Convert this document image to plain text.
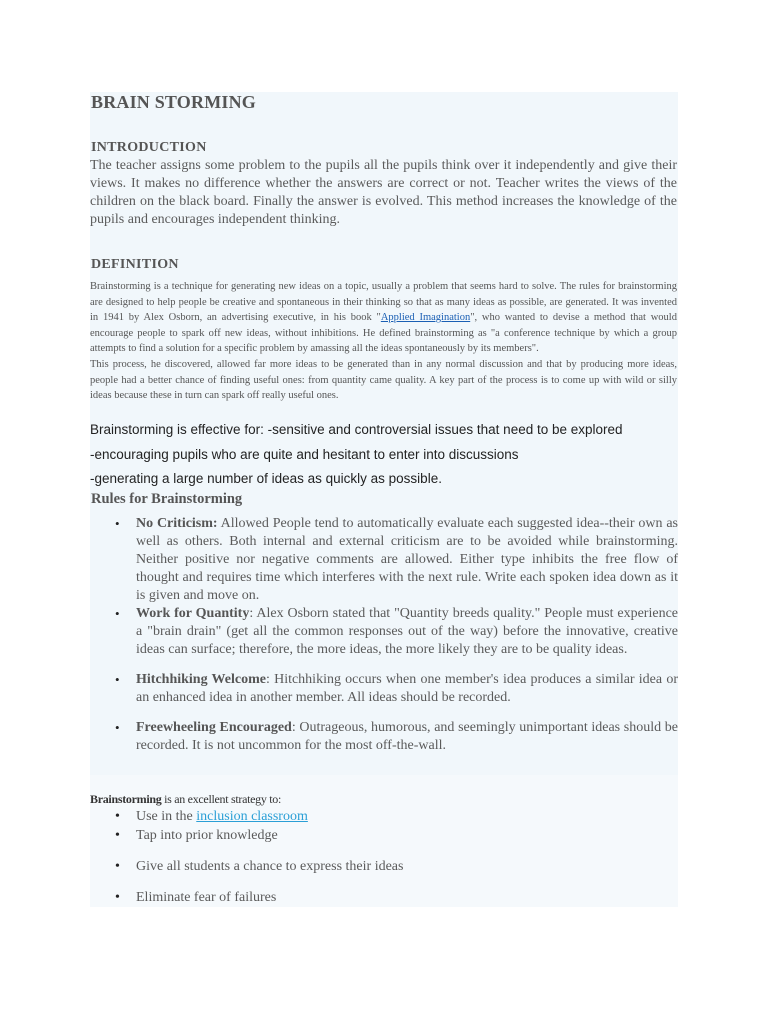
BRAIN STORMING
INTRODUCTION
The teacher assigns some problem to the pupils all the pupils think over it independently and give their views. It makes no difference whether the answers are correct or not. Teacher writes the views of the children on the black board. Finally the answer is evolved. This method increases the knowledge of the pupils and encourages independent thinking.
DEFINITION

Brainstorming is a technique for generating new ideas on a topic, usually a problem that seems hard to solve. The rules for brainstorming are designed to help people be creative and spontaneous in their thinking so that as many ideas as possible, are generated. It was invented in 1941 by Alex Osborn, an advertising executive, in his book "Applied Imagination", who wanted to devise a method that would encourage people to spark off new ideas, without inhibitions. He defined brainstorming as "a conference technique by which a group attempts to find a solution for a specific problem by amassing all the ideas spontaneously by its members".

This process, he discovered, allowed far more ideas to be generated than in any normal discussion and that by producing more ideas, people had a better chance of finding useful ones: from quantity came quality. A key part of the process is to come up with wild or silly ideas because these in turn can spark off really useful ones.

Brainstorming is effective for: -sensitive and controversial issues that need to be explored
-encouraging pupils who are quite and hesitant to enter into discussions
-generating a large number of ideas as quickly as possible.
Rules for Brainstorming
• No Criticism: Allowed People tend to automatically evaluate each suggested idea--their own as well as others. Both internal and external criticism are to be avoided while brainstorming. Neither positive nor negative comments are allowed. Either type inhibits the free flow of thought and requires time which interferes with the next rule. Write each spoken idea down as it is given and move on.
• Work for Quantity: Alex Osborn stated that "Quantity breeds quality." People must experience a "brain drain" (get all the common responses out of the way) before the innovative, creative ideas can surface; therefore, the more ideas, the more likely they are to be quality ideas.
• Hitchhiking Welcome: Hitchhiking occurs when one member's idea produces a similar idea or an enhanced idea in another member. All ideas should be recorded.
• Freewheeling Encouraged: Outrageous, humorous, and seemingly unimportant ideas should be recorded. It is not uncommon for the most off-the-wall.
Brainstorming is an excellent strategy to:
• Use in the inclusion classroom
• Tap into prior knowledge
• Give all students a chance to express their ideas
• Eliminate fear of failures
